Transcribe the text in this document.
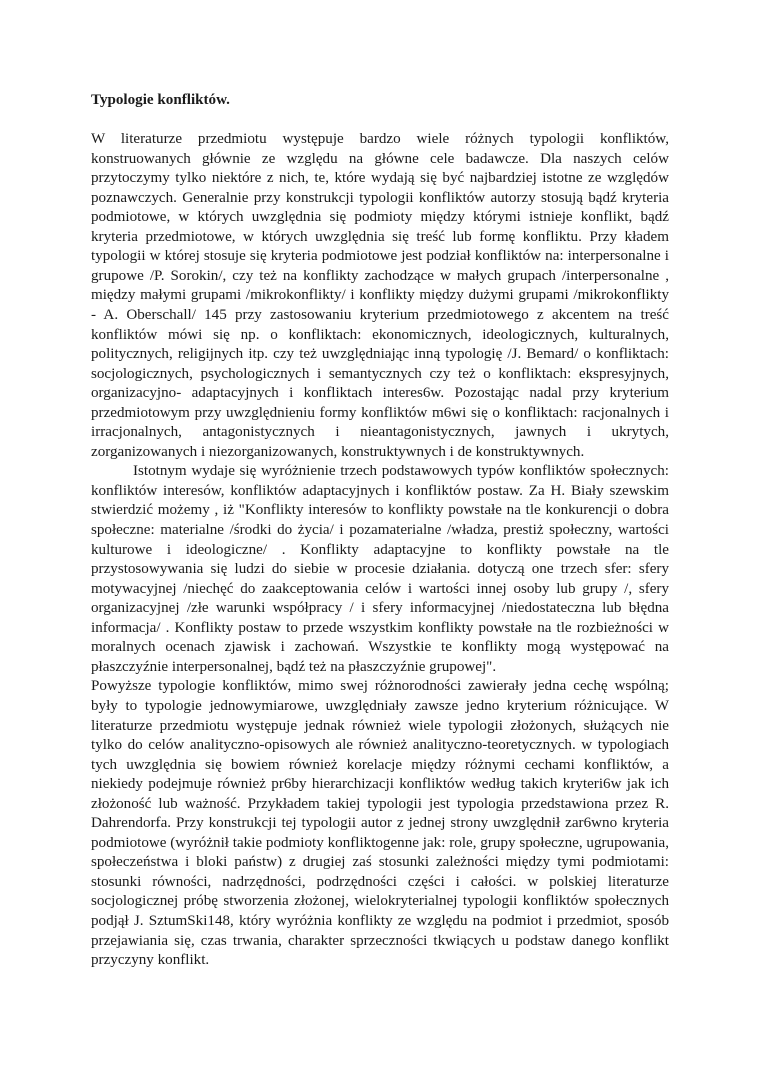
Typologie konfliktów.

W literaturze przedmiotu występuje bardzo wiele różnych typologii konfliktów, konstruowanych głównie ze względu na główne cele badawcze. Dla naszych celów przytoczymy tylko niektóre z nich, te, które wydają się być najbardziej istotne ze względów poznawczych. Generalnie przy konstrukcji typologii konfliktów autorzy stosują bądź kryteria podmiotowe, w których uwzględnia się podmioty między którymi istnieje konflikt, bądź kryteria przedmiotowe, w których uwzględnia się treść lub formę konfliktu. Przy kładem typologii w której stosuje się kryteria podmiotowe jest podział konfliktów na: interpersonalne i grupowe /P. Sorokin/, czy też na konflikty zachodzące w małych grupach /interpersonalne , między małymi grupami /mikrokonflikty/ i konflikty między dużymi grupami /mikrokonflikty - A. Oberschall/ 145 przy zastosowaniu kryterium przedmiotowego z akcentem na treść konfliktów mówi się np. o konfliktach: ekonomicznych, ideologicznych, kulturalnych, politycznych, religijnych itp. czy też uwzględniając inną typologię /J. Bemard/ o konfliktach: socjologicznych, psychologicznych i semantycznych czy też o konfliktach: ekspresyjnych, organizacyjno- adaptacyjnych i konfliktach interes6w. Pozostając nadal przy kryterium przedmiotowym przy uwzględnieniu formy konfliktów m6wi się o konfliktach: racjonalnych i irracjonalnych, antagonistycznych i nieantagonistycznych, jawnych i ukrytych, zorganizowanych i niezorganizowanych, konstruktywnych i de konstruktywnych.

Istotnym wydaje się wyróżnienie trzech podstawowych typów konfliktów społecznych: konfliktów interesów, konfliktów adaptacyjnych i konfliktów postaw. Za H. Biały szewskim stwierdzić możemy , iż "Konflikty interesów to konflikty powstałe na tle konkurencji o dobra społeczne: materialne /środki do życia/ i pozamaterialne /władza, prestiż społeczny, wartości kulturowe i ideologiczne/ . Konflikty adaptacyjne to konflikty powstałe na tle przystosowywania się ludzi do siebie w procesie działania. dotyczą one trzech sfer: sfery motywacyjnej /niechęć do zaakceptowania celów i wartości innej osoby lub grupy /, sfery organizacyjnej /złe warunki współpracy / i sfery informacyjnej /niedostateczna lub błędna informacja/ . Konflikty postaw to przede wszystkim konflikty powstałe na tle rozbieżności w moralnych ocenach zjawisk i zachowań. Wszystkie te konflikty mogą występować na płaszczyźnie interpersonalnej, bądź też na płaszczyźnie grupowej".

Powyższe typologie konfliktów, mimo swej różnorodności zawierały jedna cechę wspólną; były to typologie jednowymiarowe, uwzględniały zawsze jedno kryterium różnicujące. W literaturze przedmiotu występuje jednak również wiele typologii złożonych, służących nie tylko do celów analityczno-opisowych ale również analityczno-teoretycznych. w typologiach tych uwzględnia się bowiem również korelacje między różnymi cechami konfliktów, a niekiedy podejmuje również pr6by hierarchizacji konfliktów według takich kryteri6w jak ich złożoność lub ważność. Przykładem takiej typologii jest typologia przedstawiona przez R. Dahrendorfa. Przy konstrukcji tej typologii autor z jednej strony uwzględnił zar6wno kryteria podmiotowe (wyróżnił takie podmioty konfliktogenne jak: role, grupy społeczne, ugrupowania, społeczeństwa i bloki państw) z drugiej zaś stosunki zależności między tymi podmiotami: stosunki równości, nadrzędności, podrzędności części i całości. w polskiej literaturze socjologicznej próbę stworzenia złożonej, wielokryterialnej typologii konfliktów społecznych podjął J. SztumSki148, który wyróżnia konflikty ze względu na podmiot i przedmiot, sposób przejawiania się, czas trwania, charakter sprzeczności tkwiących u podstaw danego konflikt przyczyny konflikt.
